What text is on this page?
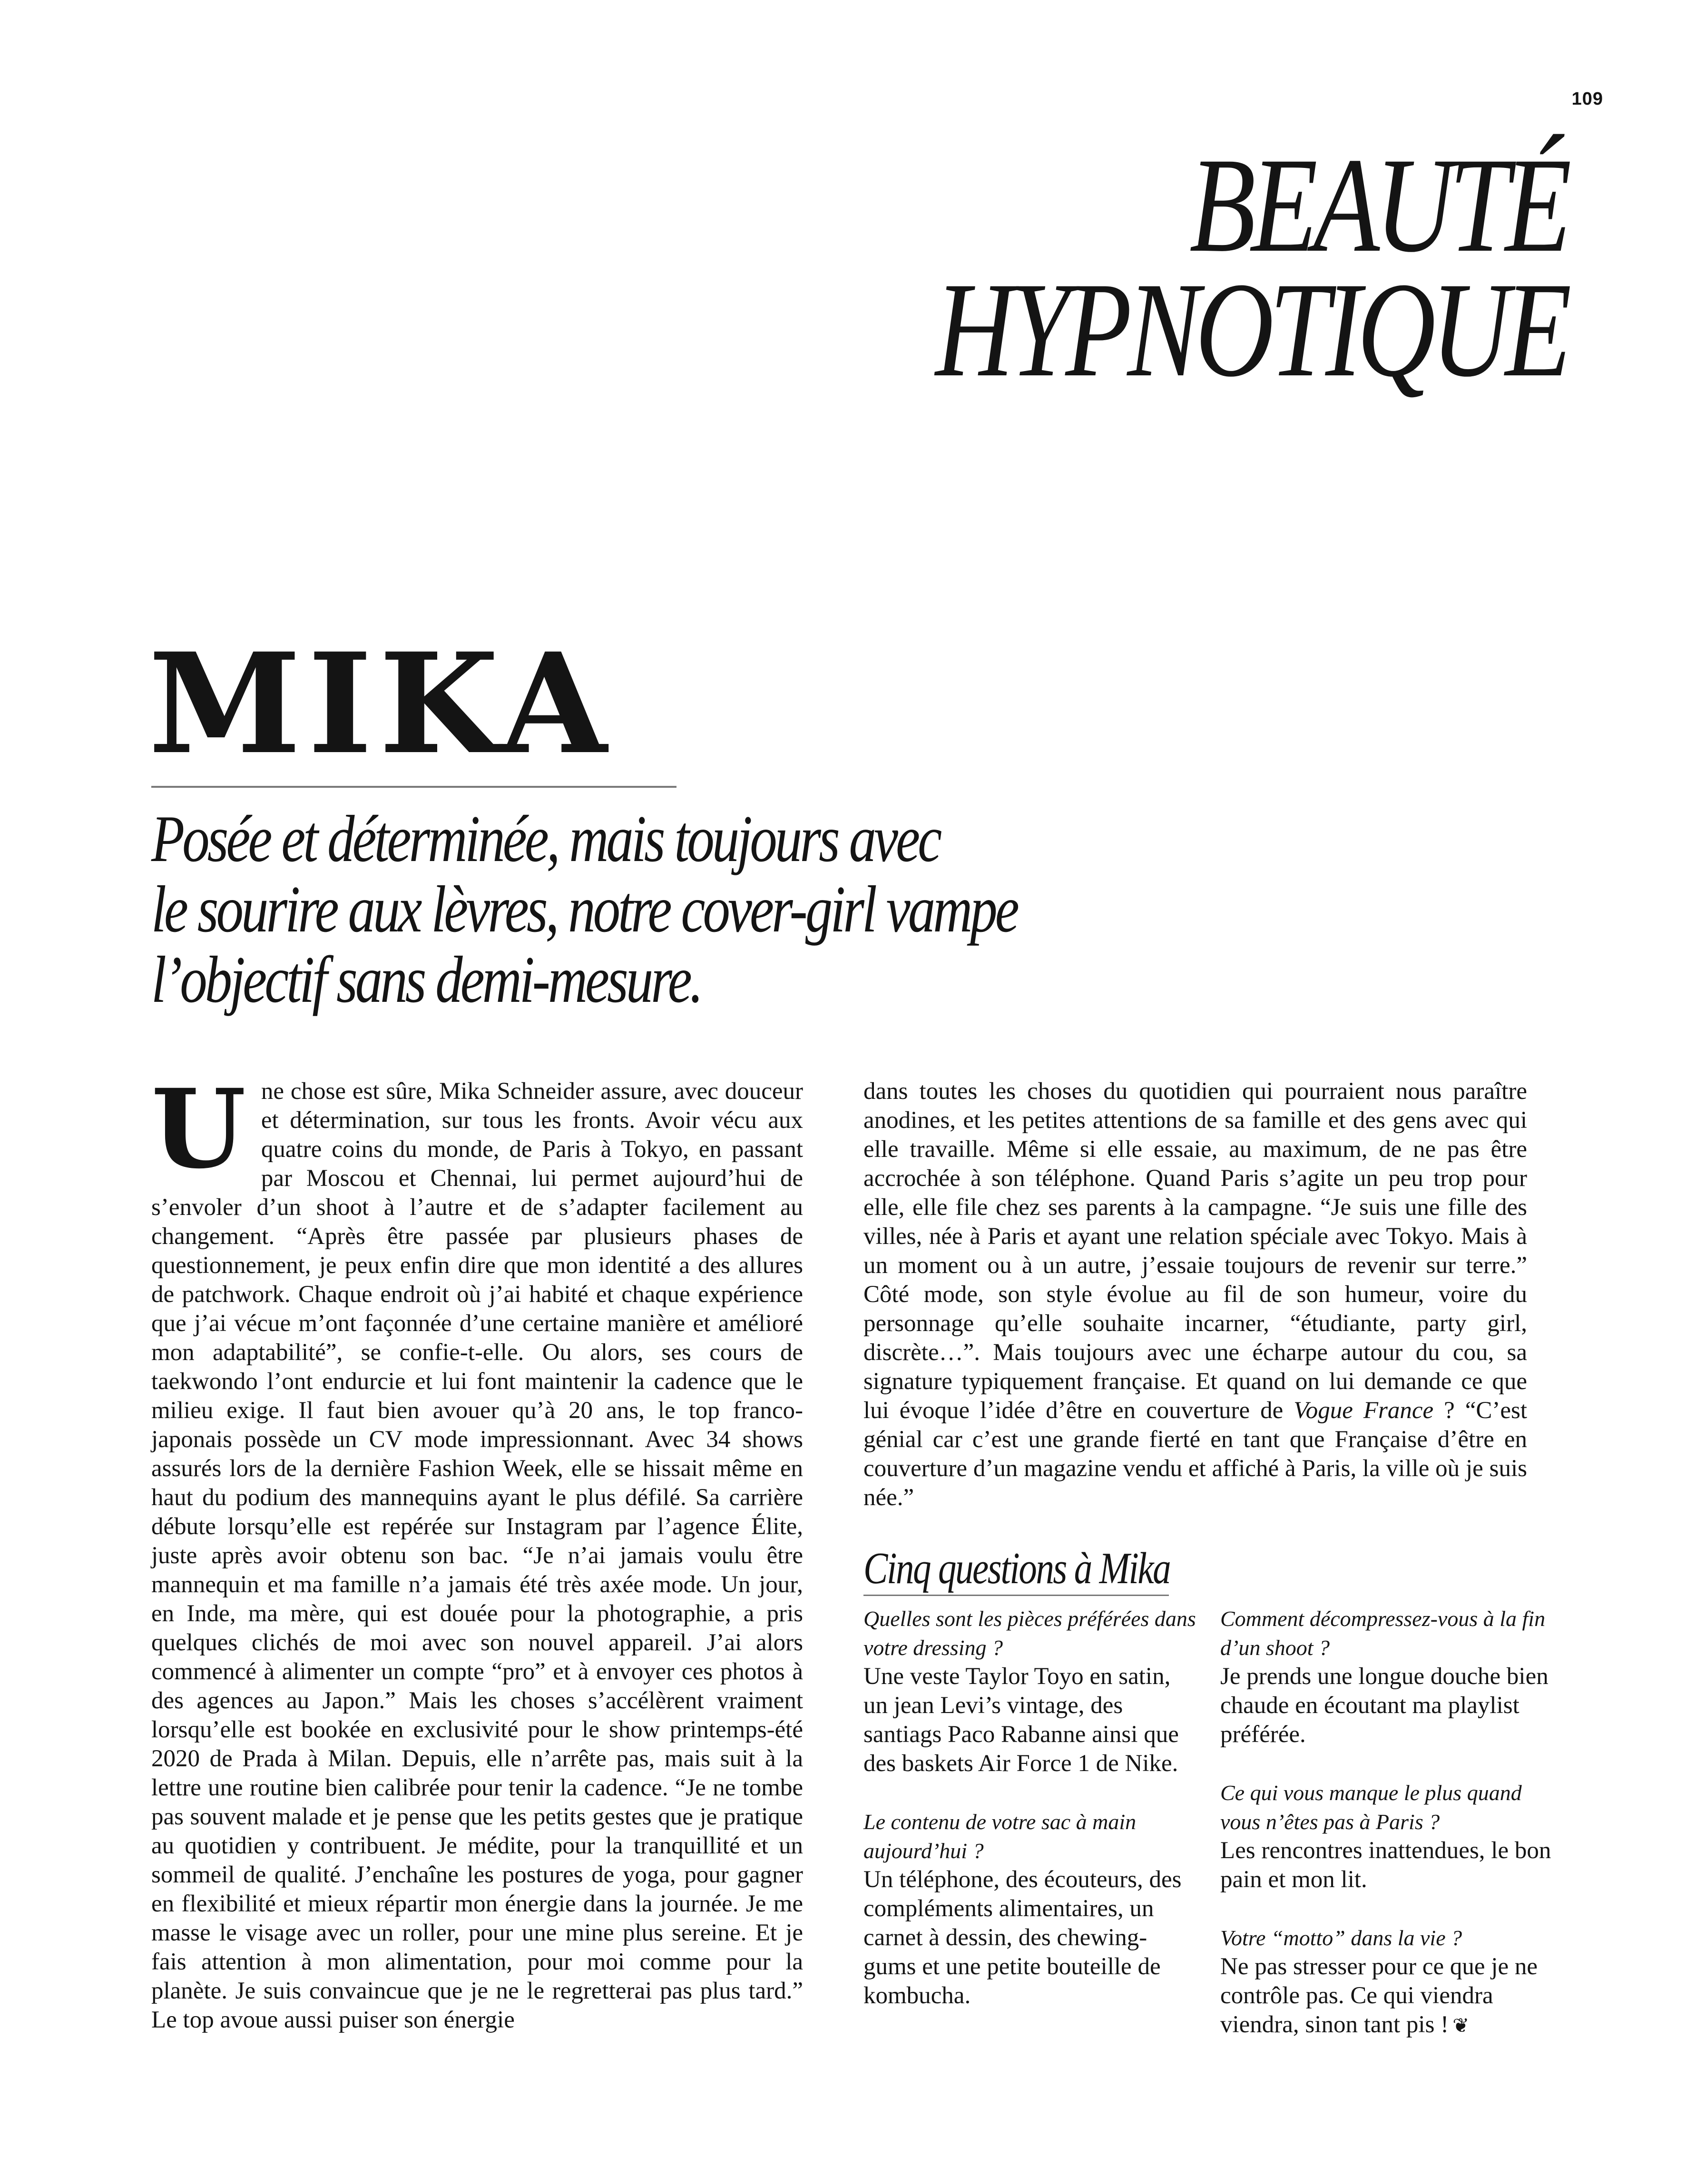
109
BEAUTÉ
HYPNOTIQUE
MIKA
Posée et déterminée, mais toujours avec
le sourire aux lèvres, notre cover-girl vampe
l’objectif sans demi-mesure.
Une chose est sûre, Mika Schneider assure, avec douceur et détermination, sur tous les fronts. Avoir vécu aux quatre coins du monde, de Paris à Tokyo, en passant par Moscou et Chennai, lui permet aujourd’hui de s’envoler d’un shoot à l’autre et de s’adapter facilement au changement. “Après être passée par plusieurs phases de questionnement, je peux enfin dire que mon identité a des allures de patchwork. Chaque endroit où j’ai habité et chaque expérience que j’ai vécue m’ont façonnée d’une certaine manière et amélioré mon adaptabilité”, se confie-t-elle. Ou alors, ses cours de taekwondo l’ont endurcie et lui font maintenir la cadence que le milieu exige. Il faut bien avouer qu’à 20 ans, le top franco-japonais possède un CV mode impressionnant. Avec 34 shows assurés lors de la dernière Fashion Week, elle se hissait même en haut du podium des mannequins ayant le plus défilé. Sa carrière débute lorsqu’elle est repérée sur Instagram par l’agence Élite, juste après avoir obtenu son bac. “Je n’ai jamais voulu être mannequin et ma famille n’a jamais été très axée mode. Un jour, en Inde, ma mère, qui est douée pour la photographie, a pris quelques clichés de moi avec son nouvel appareil. J’ai alors commencé à alimenter un compte “pro” et à envoyer ces photos à des agences au Japon.” Mais les choses s’accélèrent vraiment lorsqu’elle est bookée en exclusivité pour le show printemps-été 2020 de Prada à Milan. Depuis, elle n’arrête pas, mais suit à la lettre une routine bien calibrée pour tenir la cadence. “Je ne tombe pas souvent malade et je pense que les petits gestes que je pratique au quotidien y contribuent. Je médite, pour la tranquillité et un sommeil de qualité. J’enchaîne les postures de yoga, pour gagner en flexibilité et mieux répartir mon énergie dans la journée. Je me masse le visage avec un roller, pour une mine plus sereine. Et je fais attention à mon alimentation, pour moi comme pour la planète. Je suis convaincue que je ne le regretterai pas plus tard.” Le top avoue aussi puiser son énergie
dans toutes les choses du quotidien qui pourraient nous paraître anodines, et les petites attentions de sa famille et des gens avec qui elle travaille. Même si elle essaie, au maximum, de ne pas être accrochée à son téléphone. Quand Paris s’agite un peu trop pour elle, elle file chez ses parents à la campagne. “Je suis une fille des villes, née à Paris et ayant une relation spéciale avec Tokyo. Mais à un moment ou à un autre, j’essaie toujours de revenir sur terre.” Côté mode, son style évolue au fil de son humeur, voire du personnage qu’elle souhaite incarner, “étudiante, party girl, discrète…”. Mais toujours avec une écharpe autour du cou, sa signature typiquement française. Et quand on lui demande ce que lui évoque l’idée d’être en couverture de Vogue France ? “C’est génial car c’est une grande fierté en tant que Française d’être en couverture d’un magazine vendu et affiché à Paris, la ville où je suis née.”
Cinq questions à Mika
Quelles sont les pièces préférées dans votre dressing ?
Une veste Taylor Toyo en satin, un jean Levi’s vintage, des santiags Paco Rabanne ainsi que des baskets Air Force 1 de Nike.
Le contenu de votre sac à main aujourd’hui ?
Un téléphone, des écouteurs, des compléments alimentaires, un carnet à dessin, des chewing-gums et une petite bouteille de kombucha.
Comment décompressez-vous à la fin d’un shoot ?
Je prends une longue douche bien chaude en écoutant ma playlist préférée.
Ce qui vous manque le plus quand vous n’êtes pas à Paris ?
Les rencontres inattendues, le bon pain et mon lit.
Votre “motto” dans la vie ?
Ne pas stresser pour ce que je ne contrôle pas. Ce qui viendra viendra, sinon tant pis ! ❦
